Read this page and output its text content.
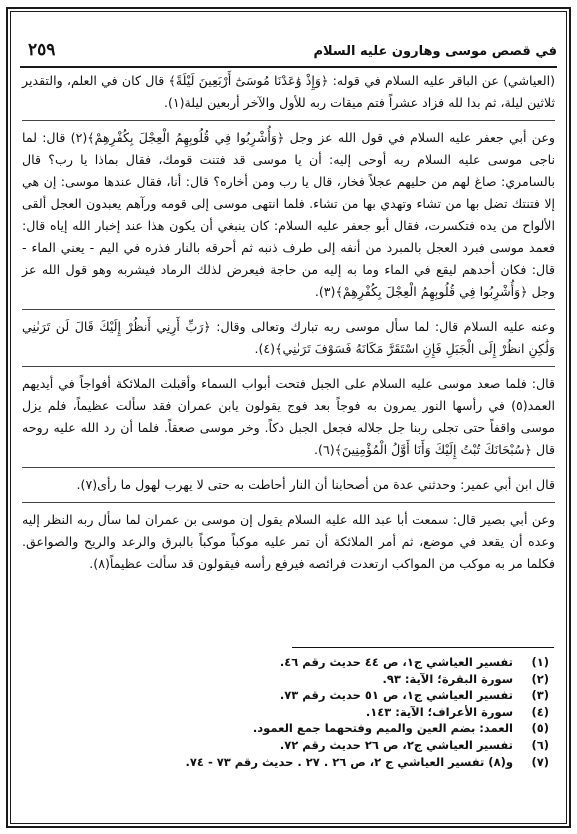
٢٥٩	في قصص موسى وهارون عليه السلام

(العياشي) عن الباقر عليه السلام في قوله: ﴿وَإِذْ وَٰعَدْنَا مُوسَىٰٓ أَرْبَعِينَ لَيْلَةً﴾ قال كان في العلم، والتقدير ثلاثين ليلة، ثم بدا لله فزاد عشراً فتم ميقات ربه للأول والآخر أربعين ليلة(١).

وعن أبي جعفر عليه السلام في قول الله عز وجل ﴿وَأُشْرِبُوا فِي قُلُوبِهِمُ الْعِجْلَ بِكُفْرِهِمْ﴾(٢) قال: لما ناجى موسى عليه السلام ربه أوحى إليه: أن يا موسى قد فتنت قومك، فقال بماذا يا رب؟ قال بالسامري: صاغ لهم من حليهم عجلاً فخار، قال يا رب ومن أخاره؟ قال: أنا، فقال عندها موسى: إن هي إلا فتنتك تضل بها من تشاء وتهدي بها من تشاء. فلما انتهى موسى إلى قومه ورآهم يعبدون العجل ألقى الألواح من يده فتكسرت، فقال أبو جعفر عليه السلام: كان ينبغي أن يكون هذا عند إخبار الله إياه قال: فعمد موسى فبرد العجل بالمبرد من أنفه إلى طرف ذنبه ثم أحرقه بالنار فذره في اليم - يعني الماء - قال: فكان أحدهم ليقع في الماء وما به إليه من حاجة فيعرض لذلك الرماد فيشربه وهو قول الله عز وجل ﴿وَأُشْرِبُوا فِي قُلُوبِهِمُ الْعِجْلَ بِكُفْرِهِمْ﴾(٣).

وعنه عليه السلام قال: لما سأل موسى ربه تبارك وتعالى وقال: ﴿رَبِّ أَرِنِي أَنظُرْ إِلَيْكَ قَالَ لَن تَرَىٰنِي وَلَٰكِنِ انظُرْ إِلَى الْجَبَلِ فَإِنِ اسْتَقَرَّ مَكَانَهُ فَسَوْفَ تَرَىٰنِي﴾(٤).

قال: فلما صعد موسى عليه السلام على الجبل فتحت أبواب السماء وأقبلت الملائكة أفواجاً في أيديهم العمد(٥) في رأسها النور يمرون به فوجاً بعد فوج يقولون يابن عمران فقد سألت عظيماً، فلم يزل موسى واقفاً حتى تجلى ربنا جل جلاله فجعل الجبل دكاً. وخر موسى صعقاً. فلما أن رد الله عليه روحه قال ﴿سُبْحَانَكَ تُبْتُ إِلَيْكَ وَأَنَا أَوَّلُ الْمُؤْمِنِينَ﴾(٦).

قال ابن أبي عمير: وحدثني عدة من أصحابنا أن النار أحاطت به حتى لا يهرب لهول ما رأى(٧).

وعن أبي بصير قال: سمعت أبا عبد الله عليه السلام يقول إن موسى بن عمران لما سأل ربه النظر إليه وعده أن يقعد في موضع، ثم أمر الملائكة أن تمر عليه موكباً موكباً بالبرق والرعد والريح والصواعق. فكلما مر به موكب من المواكب ارتعدت فرائصه فيرفع رأسه فيقولون قد سألت عظيماً(٨).

(١)
تفسير العياشي ج١، ص ٤٤ حديث رقم ٤٦.
(٢)
سورة البقرة؛ الآية: ٩٣.
(٣)
تفسير العياشي ج١، ص ٥١ حديث رقم ٧٣.
(٤)
سورة الأعراف؛ الآية: ١٤٣.
(٥)
العمد: بضم العين والميم وفتحهما جمع العمود.
(٦)
تفسير العياشي ج٢، ص ٢٦ حديث رقم ٧٢.
(٧)
و(٨) تفسير العياشي ج ٢، ص ٢٦ . ٢٧ . حديث رقم ٧٣ - ٧٤.
